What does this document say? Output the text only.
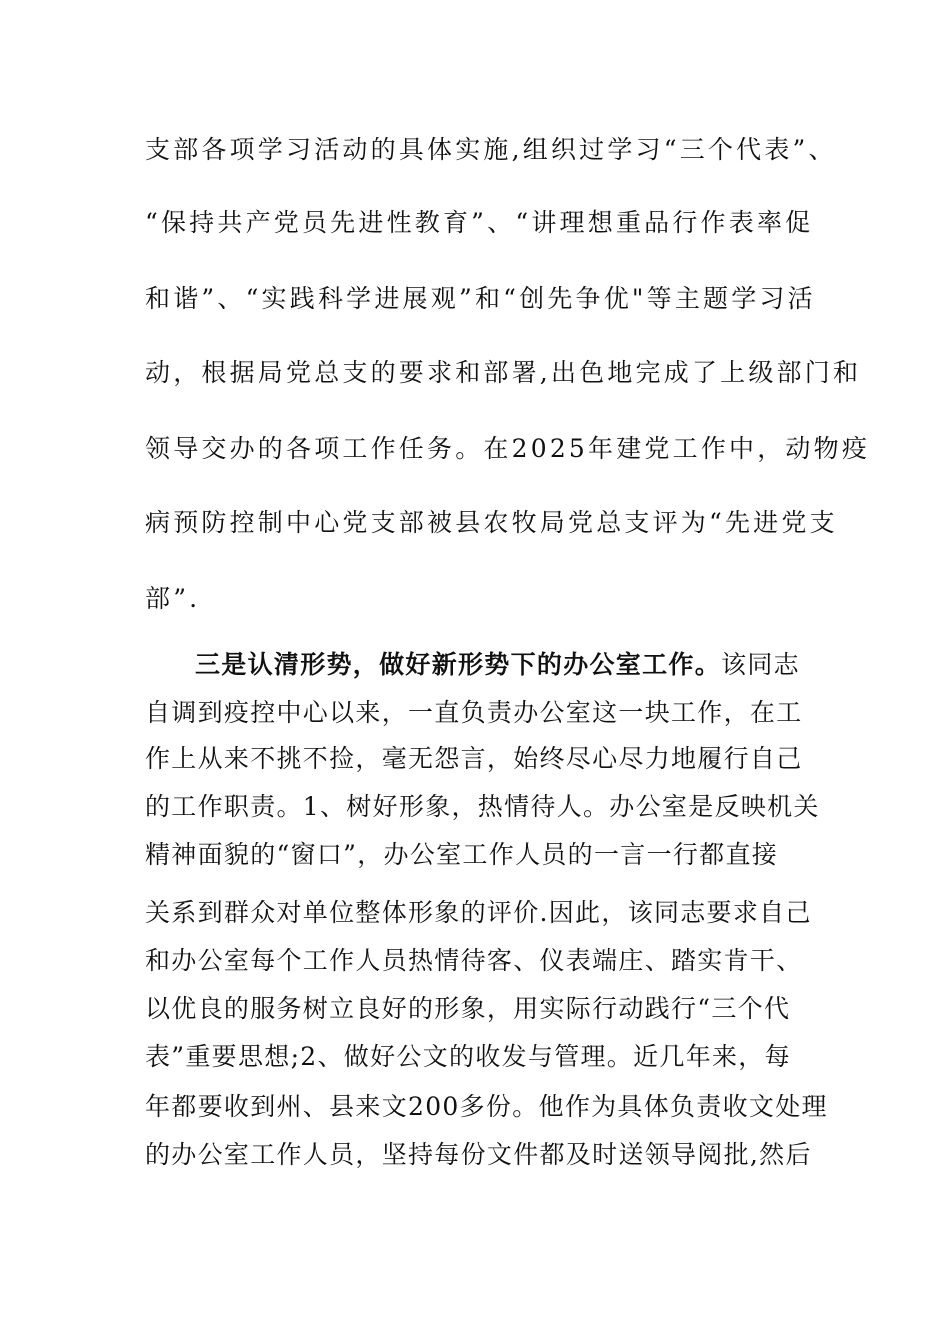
支部各项学习活动的具体实施,组织过学习“三个代表”、
“保持共产党员先进性教育”、“讲理想重品行作表率促
和谐”、“实践科学进展观”和“创先争优"等主题学习活
动，根据局党总支的要求和部署,出色地完成了上级部门和
领导交办的各项工作任务。在2025年建党工作中，动物疫
病预防控制中心党支部被县农牧局党总支评为“先进党支
部”.
三是认清形势，做好新形势下的办公室工作。该同志
自调到疫控中心以来，一直负责办公室这一块工作，在工
作上从来不挑不捡，毫无怨言，始终尽心尽力地履行自己
的工作职责。1、树好形象，热情待人。办公室是反映机关
精神面貌的“窗口”，办公室工作人员的一言一行都直接
关系到群众对单位整体形象的评价.因此，该同志要求自己
和办公室每个工作人员热情待客、仪表端庄、踏实肯干、
以优良的服务树立良好的形象，用实际行动践行“三个代
表”重要思想;2、做好公文的收发与管理。近几年来，每
年都要收到州、县来文200多份。他作为具体负责收文处理
的办公室工作人员，坚持每份文件都及时送领导阅批,然后
